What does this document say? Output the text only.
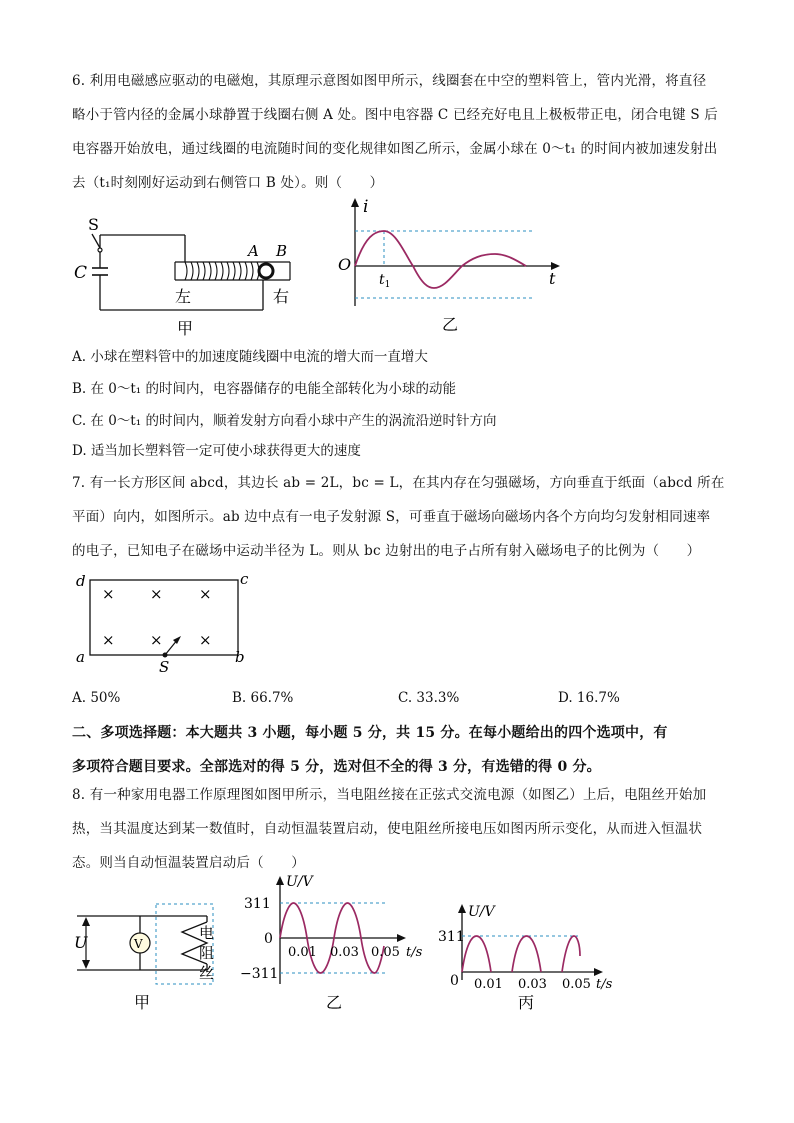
6. 利用电磁感应驱动的电磁炮，其原理示意图如图甲所示，线圈套在中空的塑料管上，管内光滑，将直径
略小于管内径的金属小球静置于线圈右侧 A 处。图中电容器 C 已经充好电且上极板带正电，闭合电键 S 后
电容器开始放电，通过线圈的电流随时间的变化规律如图乙所示，金属小球在 0～t₁ 的时间内被加速发射出
去（t₁时刻刚好运动到右侧管口 B 处）。则（　　）
S
C
A B
左	右
甲
i
O
$t_1$	t
乙
A. 小球在塑料管中的加速度随线圈中电流的增大而一直增大
B. 在 0～t₁ 的时间内，电容器储存的电能全部转化为小球的动能
C. 在 0～t₁ 的时间内，顺着发射方向看小球中产生的涡流沿逆时针方向
D. 适当加长塑料管一定可使小球获得更大的速度
7. 有一长方形区间 abcd，其边长 ab = 2L，bc = L，在其内存在匀强磁场，方向垂直于纸面（abcd 所在
平面）向内，如图所示。ab 边中点有一电子发射源 S，可垂直于磁场向磁场内各个方向均匀发射相同速率
的电子，已知电子在磁场中运动半径为 L。则从 bc 边射出的电子占所有射入磁场电子的比例为（　　）
× × ×
× × ×
d	c
a	b
S
A. 50%	B. 66.7%	C. 33.3%	D. 16.7%
二、多项选择题：本大题共 3 小题，每小题 5 分，共 15 分。在每小题给出的四个选项中，有
多项符合题目要求。全部选对的得 5 分，选对但不全的得 3 分，有选错的得 0 分。
8. 有一种家用电器工作原理图如图甲所示，当电阻丝接在正弦式交流电源（如图乙）上后，电阻丝开始加
热，当其温度达到某一数值时，自动恒温装置启动，使电阻丝所接电压如图丙所示变化，从而进入恒温状
态。则当自动恒温装置启动后（　　）
V
电
阻
丝
U
甲
U/V
311
0
−311
0.01 0.03 0.05 t/s
乙
U/V
311
0 0.01 0.03 0.05 t/s
丙
